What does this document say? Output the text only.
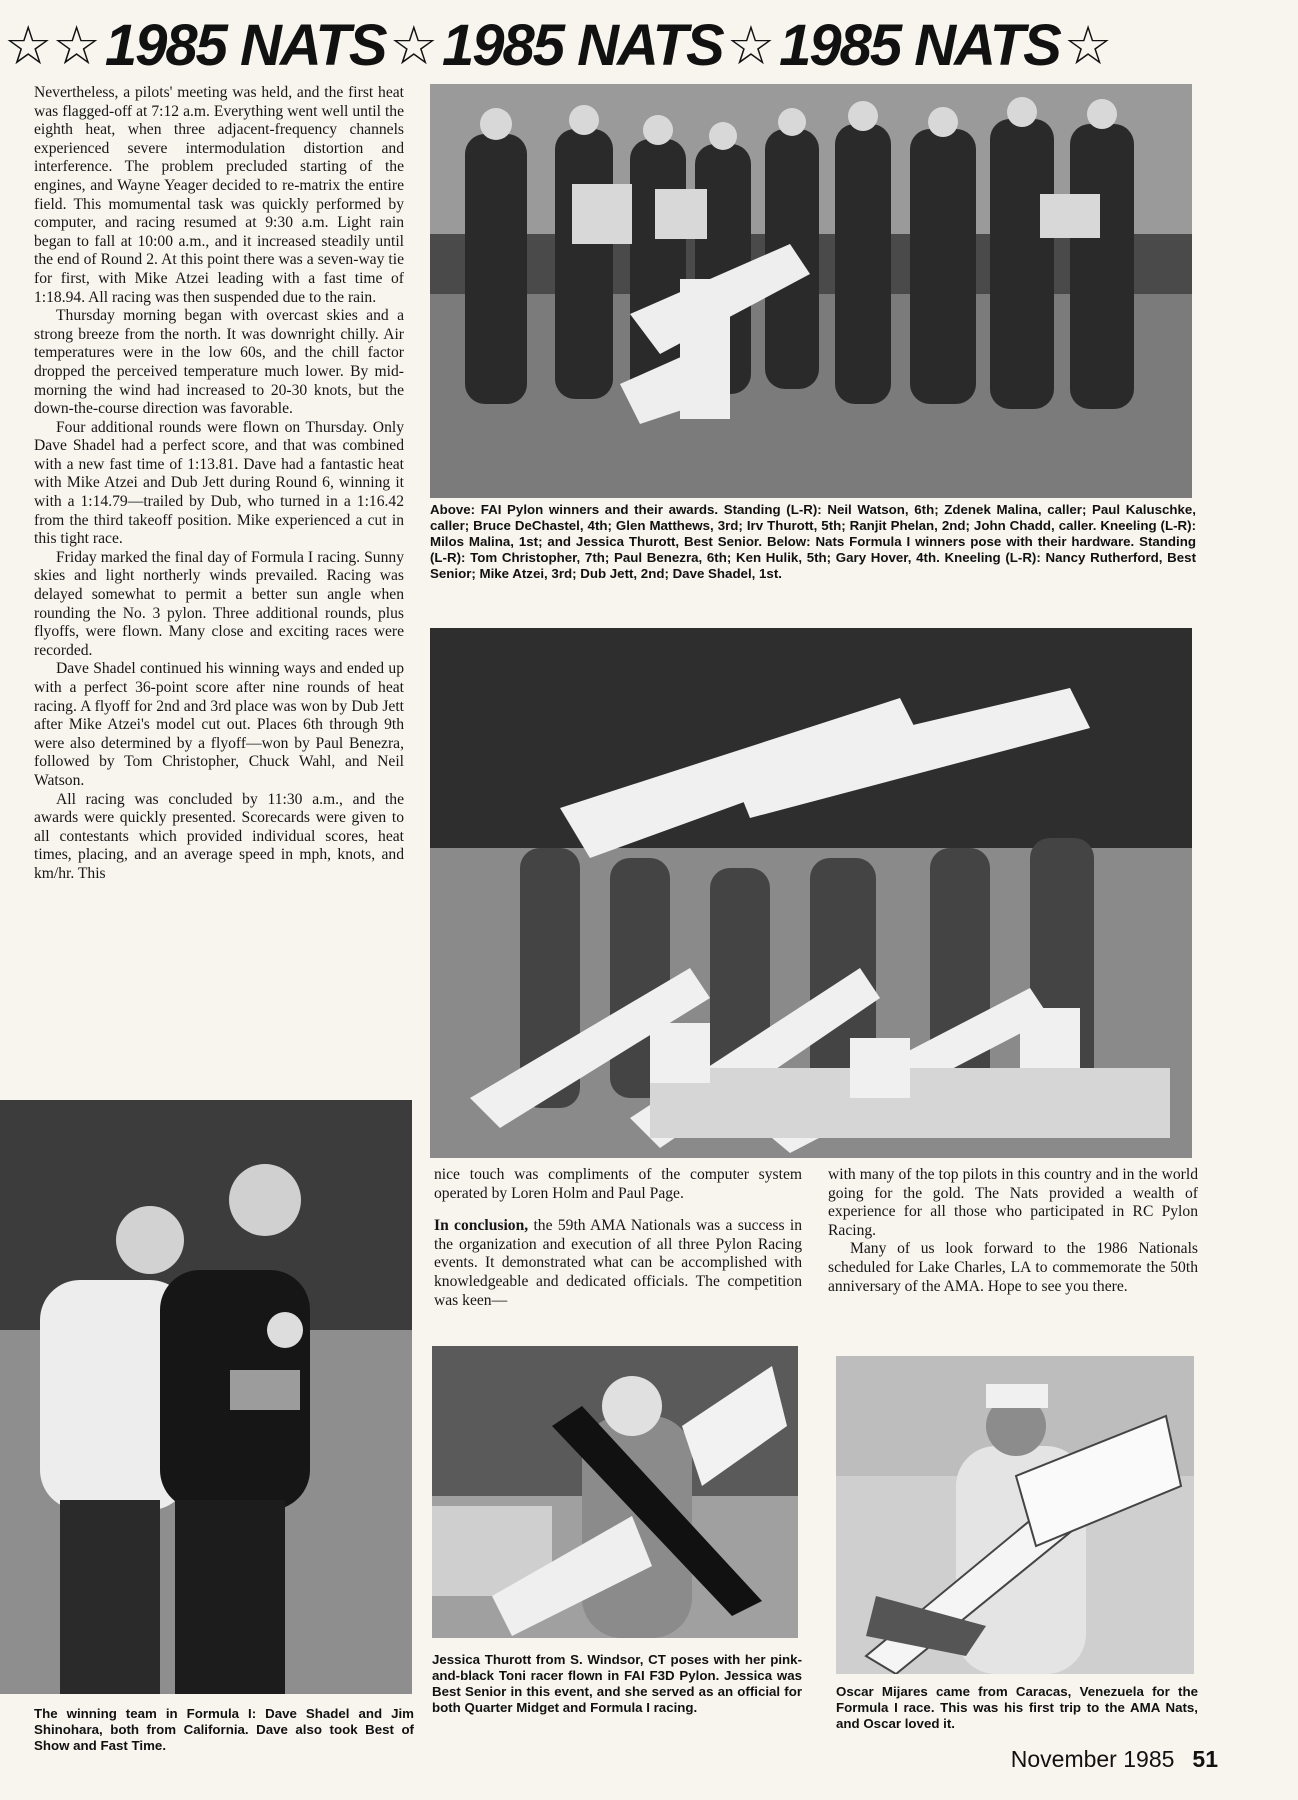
☆☆ 1985 NATS ☆ 1985 NATS ☆ 1985 NATS ☆

Nevertheless, a pilots' meeting was held, and the first heat was flagged-off at 7:12 a.m. Everything went well until the eighth heat, when three adjacent-frequency channels experienced severe intermodulation distortion and interference. The problem precluded starting of the engines, and Wayne Yeager decided to re-matrix the entire field. This momumental task was quickly performed by computer, and racing resumed at 9:30 a.m. Light rain began to fall at 10:00 a.m., and it increased steadily until the end of Round 2. At this point there was a seven-way tie for first, with Mike Atzei leading with a fast time of 1:18.94. All racing was then suspended due to the rain.

Thursday morning began with overcast skies and a strong breeze from the north. It was downright chilly. Air temperatures were in the low 60s, and the chill factor dropped the perceived temperature much lower. By mid-morning the wind had increased to 20-30 knots, but the down-the-course direction was favorable.

Four additional rounds were flown on Thursday. Only Dave Shadel had a perfect score, and that was combined with a new fast time of 1:13.81. Dave had a fantastic heat with Mike Atzei and Dub Jett during Round 6, winning it with a 1:14.79—trailed by Dub, who turned in a 1:16.42 from the third takeoff position. Mike experienced a cut in this tight race.

Friday marked the final day of Formula I racing. Sunny skies and light northerly winds prevailed. Racing was delayed somewhat to permit a better sun angle when rounding the No. 3 pylon. Three additional rounds, plus flyoffs, were flown. Many close and exciting races were recorded.

Dave Shadel continued his winning ways and ended up with a perfect 36-point score after nine rounds of heat racing. A flyoff for 2nd and 3rd place was won by Dub Jett after Mike Atzei's model cut out. Places 6th through 9th were also determined by a flyoff—won by Paul Benezra, followed by Tom Christopher, Chuck Wahl, and Neil Watson.

All racing was concluded by 11:30 a.m., and the awards were quickly presented. Scorecards were given to all contestants which provided individual scores, heat times, placing, and an average speed in mph, knots, and km/hr. This

Above: FAI Pylon winners and their awards. Standing (L-R): Neil Watson, 6th; Zdenek Malina, caller; Paul Kaluschke, caller; Bruce DeChastel, 4th; Glen Matthews, 3rd; Irv Thurott, 5th; Ranjit Phelan, 2nd; John Chadd, caller. Kneeling (L-R): Milos Malina, 1st; and Jessica Thurott, Best Senior. Below: Nats Formula I winners pose with their hardware. Standing (L-R): Tom Christopher, 7th; Paul Benezra, 6th; Ken Hulik, 5th; Gary Hover, 4th. Kneeling (L-R): Nancy Rutherford, Best Senior; Mike Atzei, 3rd; Dub Jett, 2nd; Dave Shadel, 1st.
The winning team in Formula I: Dave Shadel and Jim Shinohara, both from California. Dave also took Best of Show and Fast Time.

nice touch was compliments of the computer system operated by Loren Holm and Paul Page.

In conclusion, the 59th AMA Nationals was a success in the organization and execution of all three Pylon Racing events. It demonstrated what can be accomplished with knowledgeable and dedicated officials. The competition was keen—

with many of the top pilots in this country and in the world going for the gold. The Nats provided a wealth of experience for all those who participated in RC Pylon Racing.

Many of us look forward to the 1986 Nationals scheduled for Lake Charles, LA to commemorate the 50th anniversary of the AMA. Hope to see you there.

Jessica Thurott from S. Windsor, CT poses with her pink-and-black Toni racer flown in FAI F3D Pylon. Jessica was Best Senior in this event, and she served as an official for both Quarter Midget and Formula I racing.
Oscar Mijares came from Caracas, Venezuela for the Formula I race. This was his first trip to the AMA Nats, and Oscar loved it.
November 1985 51
